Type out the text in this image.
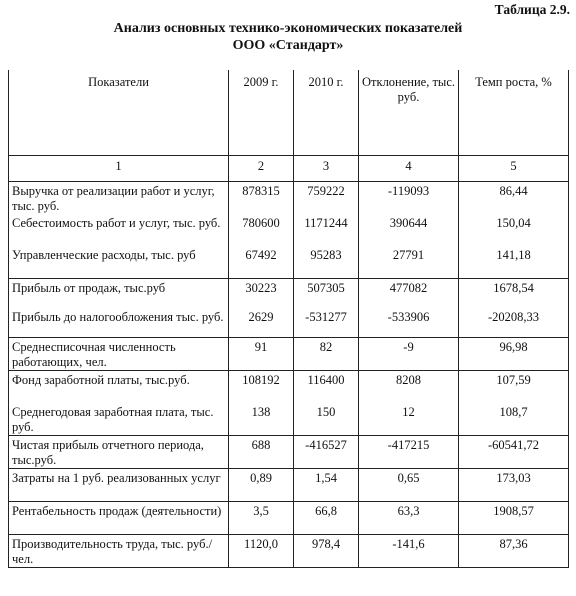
Таблица 2.9.
Анализ основных технико-экономических показателей
ООО «Стандарт»
Показатели	2009 г.	2010 г.	Отклонение, тыс. руб.	Темп роста, %
1	2	3	4	5
Выручка от реализации работ и услуг, тыс. руб.	878315	759222	-119093	86,44
Себестоимость работ и услуг, тыс. руб.	780600	1171244	390644	150,04
Управленческие расходы, тыс. руб	67492	95283	27791	141,18
Прибыль от продаж, тыс.руб	30223	507305	477082	1678,54
Прибыль до налогообложения тыс. руб.	2629	-531277	-533906	-20208,33
Среднесписочная численность работающих, чел.	91	82	-9	96,98
Фонд заработной платы, тыс.руб.	108192	116400	8208	107,59
Среднегодовая заработная плата, тыс. руб.	138	150	12	108,7
Чистая прибыль отчетного периода, тыс.руб.	688	-416527	-417215	-60541,72
Затраты на 1 руб. реализованных услуг	0,89	1,54	0,65	173,03
Рентабельность продаж (деятельности)	3,5	66,8	63,3	1908,57
Производительность труда, тыс. руб./ чел.	1120,0	978,4	-141,6	87,36
